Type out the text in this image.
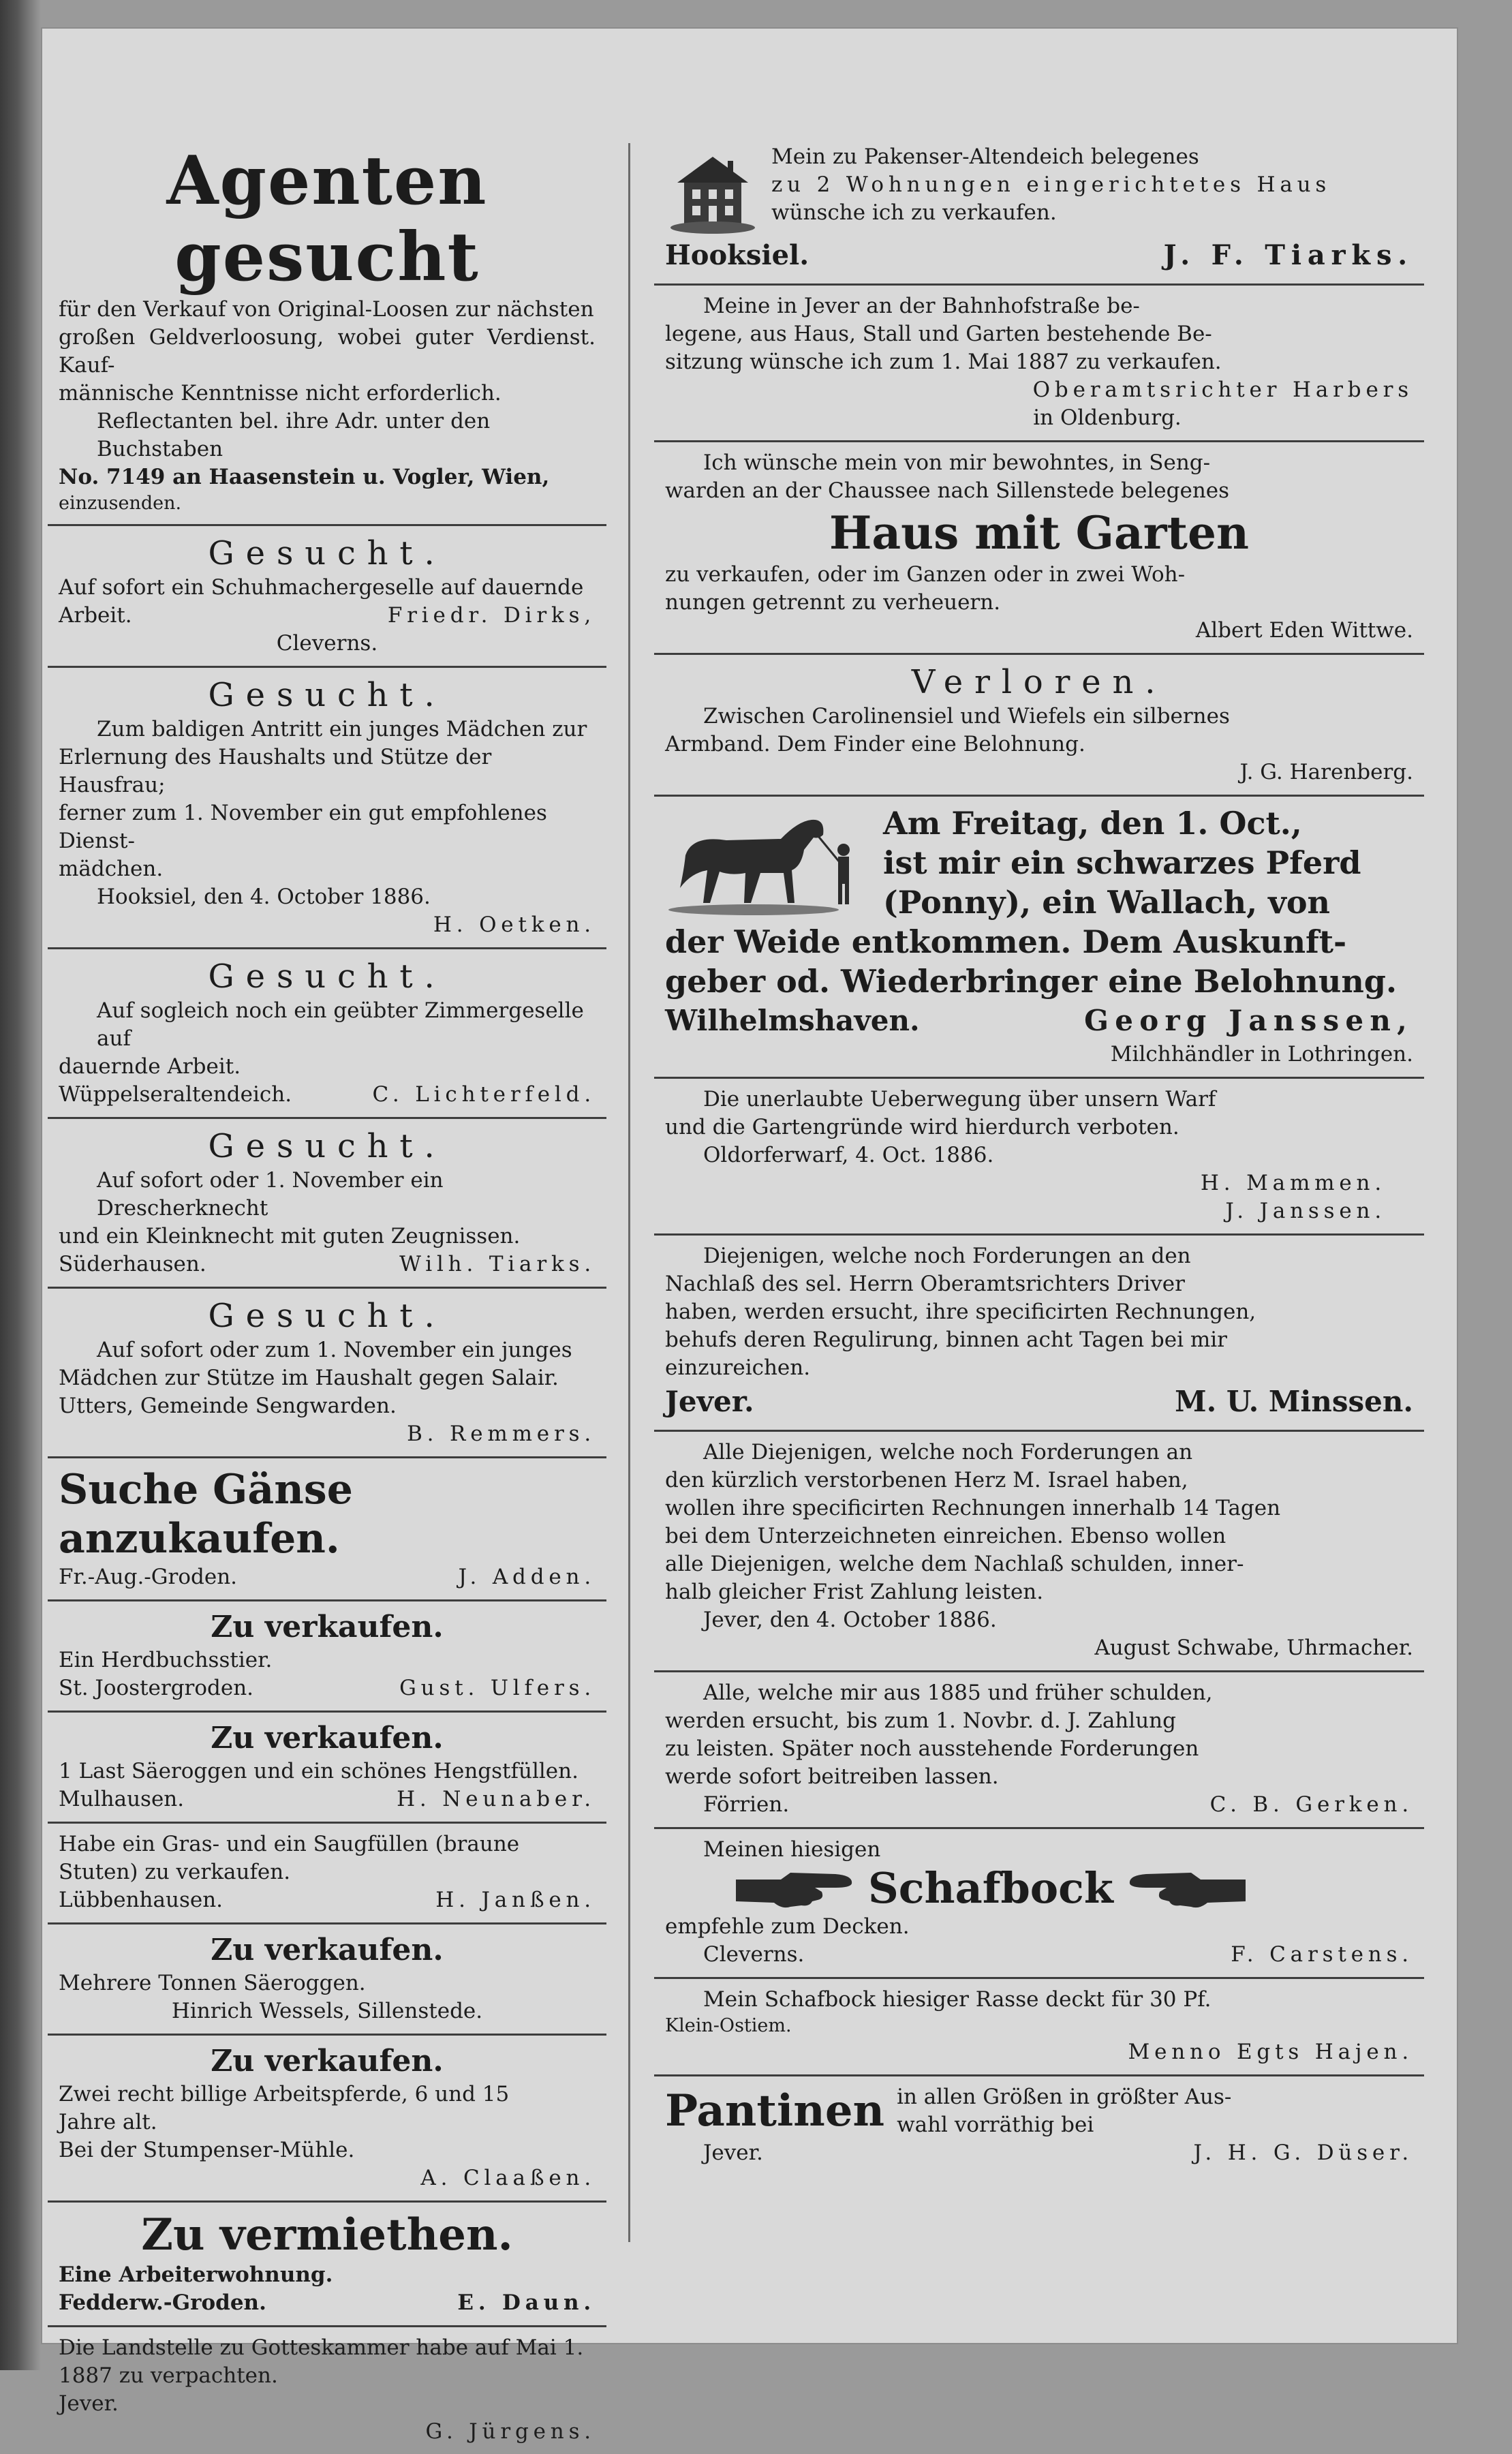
Agenten gesucht

für den Verkauf von Original-Loosen zur nächsten

großen Geldverloosung, wobei guter Verdienst. Kauf-

männische Kenntnisse nicht erforderlich.

Reflectanten bel. ihre Adr. unter den Buchstaben

No. 7149 an Haasenstein u. Vogler, Wien,

einzusenden.

Gesucht.

Auf sofort ein Schuhmachergeselle auf dauernde

Arbeit.	Friedr. Dirks,

Cleverns.

Gesucht.

Zum baldigen Antritt ein junges Mädchen zur

Erlernung des Haushalts und Stütze der Hausfrau;

ferner zum 1. November ein gut empfohlenes Dienst-

mädchen.

Hooksiel, den 4. October 1886.

H. Oetken.

Gesucht.

Auf sogleich noch ein geübter Zimmergeselle auf

dauernde Arbeit.

Wüppelseraltendeich.	C. Lichterfeld.

Gesucht.

Auf sofort oder 1. November ein Drescherknecht

und ein Kleinknecht mit guten Zeugnissen.

Süderhausen.	Wilh. Tiarks.

Gesucht.

Auf sofort oder zum 1. November ein junges

Mädchen zur Stütze im Haushalt gegen Salair.

Utters, Gemeinde Sengwarden.

B. Remmers.

Suche Gänse anzukaufen.

Fr.-Aug.-Groden.	J. Adden.

Zu verkaufen.

Ein Herdbuchsstier.

St. Joostergroden.	Gust. Ulfers.

Zu verkaufen.

1 Last Säeroggen und ein schönes Hengstfüllen.

Mulhausen.	H. Neunaber.

Habe ein Gras- und ein Saugfüllen (braune

Stuten) zu verkaufen.

Lübbenhausen.	H. Janßen.

Zu verkaufen.

Mehrere Tonnen Säeroggen.

Hinrich Wessels, Sillenstede.

Zu verkaufen.

Zwei recht billige Arbeitspferde, 6 und 15

Jahre alt.

Bei der Stumpenser-Mühle.

A. Claaßen.

Zu vermiethen.

Eine Arbeiterwohnung.

Fedderw.-Groden.	E. Daun.

Die Landstelle zu Gotteskammer habe auf Mai 1.

1887 zu verpachten.

Jever.

G. Jürgens.

Mein zu Pakenser-Altendeich belegenes

zu 2 Wohnungen eingerichtetes Haus

wünsche ich zu verkaufen.

Hooksiel.	J. F. Tiarks.

Meine in Jever an der Bahnhofstraße be-

legene, aus Haus, Stall und Garten bestehende Be-

sitzung wünsche ich zum 1. Mai 1887 zu verkaufen.

Oberamtsrichter Harbers

in Oldenburg.

Ich wünsche mein von mir bewohntes, in Seng-

warden an der Chaussee nach Sillenstede belegenes

Haus mit Garten

zu verkaufen, oder im Ganzen oder in zwei Woh-

nungen getrennt zu verheuern.

Albert Eden Wittwe.

Verloren.

Zwischen Carolinensiel und Wiefels ein silbernes

Armband. Dem Finder eine Belohnung.

J. G. Harenberg.

Am Freitag, den 1. Oct.,

ist mir ein schwarzes Pferd

(Ponny), ein Wallach, von

der Weide entkommen. Dem Auskunft-

geber od. Wiederbringer eine Belohnung.

Wilhelmshaven.	Georg Janssen,

Milchhändler in Lothringen.

Die unerlaubte Ueberwegung über unsern Warf

und die Gartengründe wird hierdurch verboten.

Oldorferwarf, 4. Oct. 1886.

H. Mammen.

J. Janssen.

Diejenigen, welche noch Forderungen an den

Nachlaß des sel. Herrn Oberamtsrichters Driver

haben, werden ersucht, ihre specificirten Rechnungen,

behufs deren Regulirung, binnen acht Tagen bei mir

einzureichen.

Jever.	M. U. Minssen.

Alle Diejenigen, welche noch Forderungen an

den kürzlich verstorbenen Herz M. Israel haben,

wollen ihre specificirten Rechnungen innerhalb 14 Tagen

bei dem Unterzeichneten einreichen. Ebenso wollen

alle Diejenigen, welche dem Nachlaß schulden, inner-

halb gleicher Frist Zahlung leisten.

Jever, den 4. October 1886.

August Schwabe, Uhrmacher.

Alle, welche mir aus 1885 und früher schulden,

werden ersucht, bis zum 1. Novbr. d. J. Zahlung

zu leisten. Später noch ausstehende Forderungen

werde sofort beitreiben lassen.

Förrien.	C. B. Gerken.

Meinen hiesigen

Schafbock

empfehle zum Decken.

Cleverns.	F. Carstens.

Mein Schafbock hiesiger Rasse deckt für 30 Pf.

Klein-Ostiem.

Menno Egts Hajen.

Pantinen in allen Größen in größter Aus-

wahl vorräthig bei

Jever.	J. H. G. Düser.
